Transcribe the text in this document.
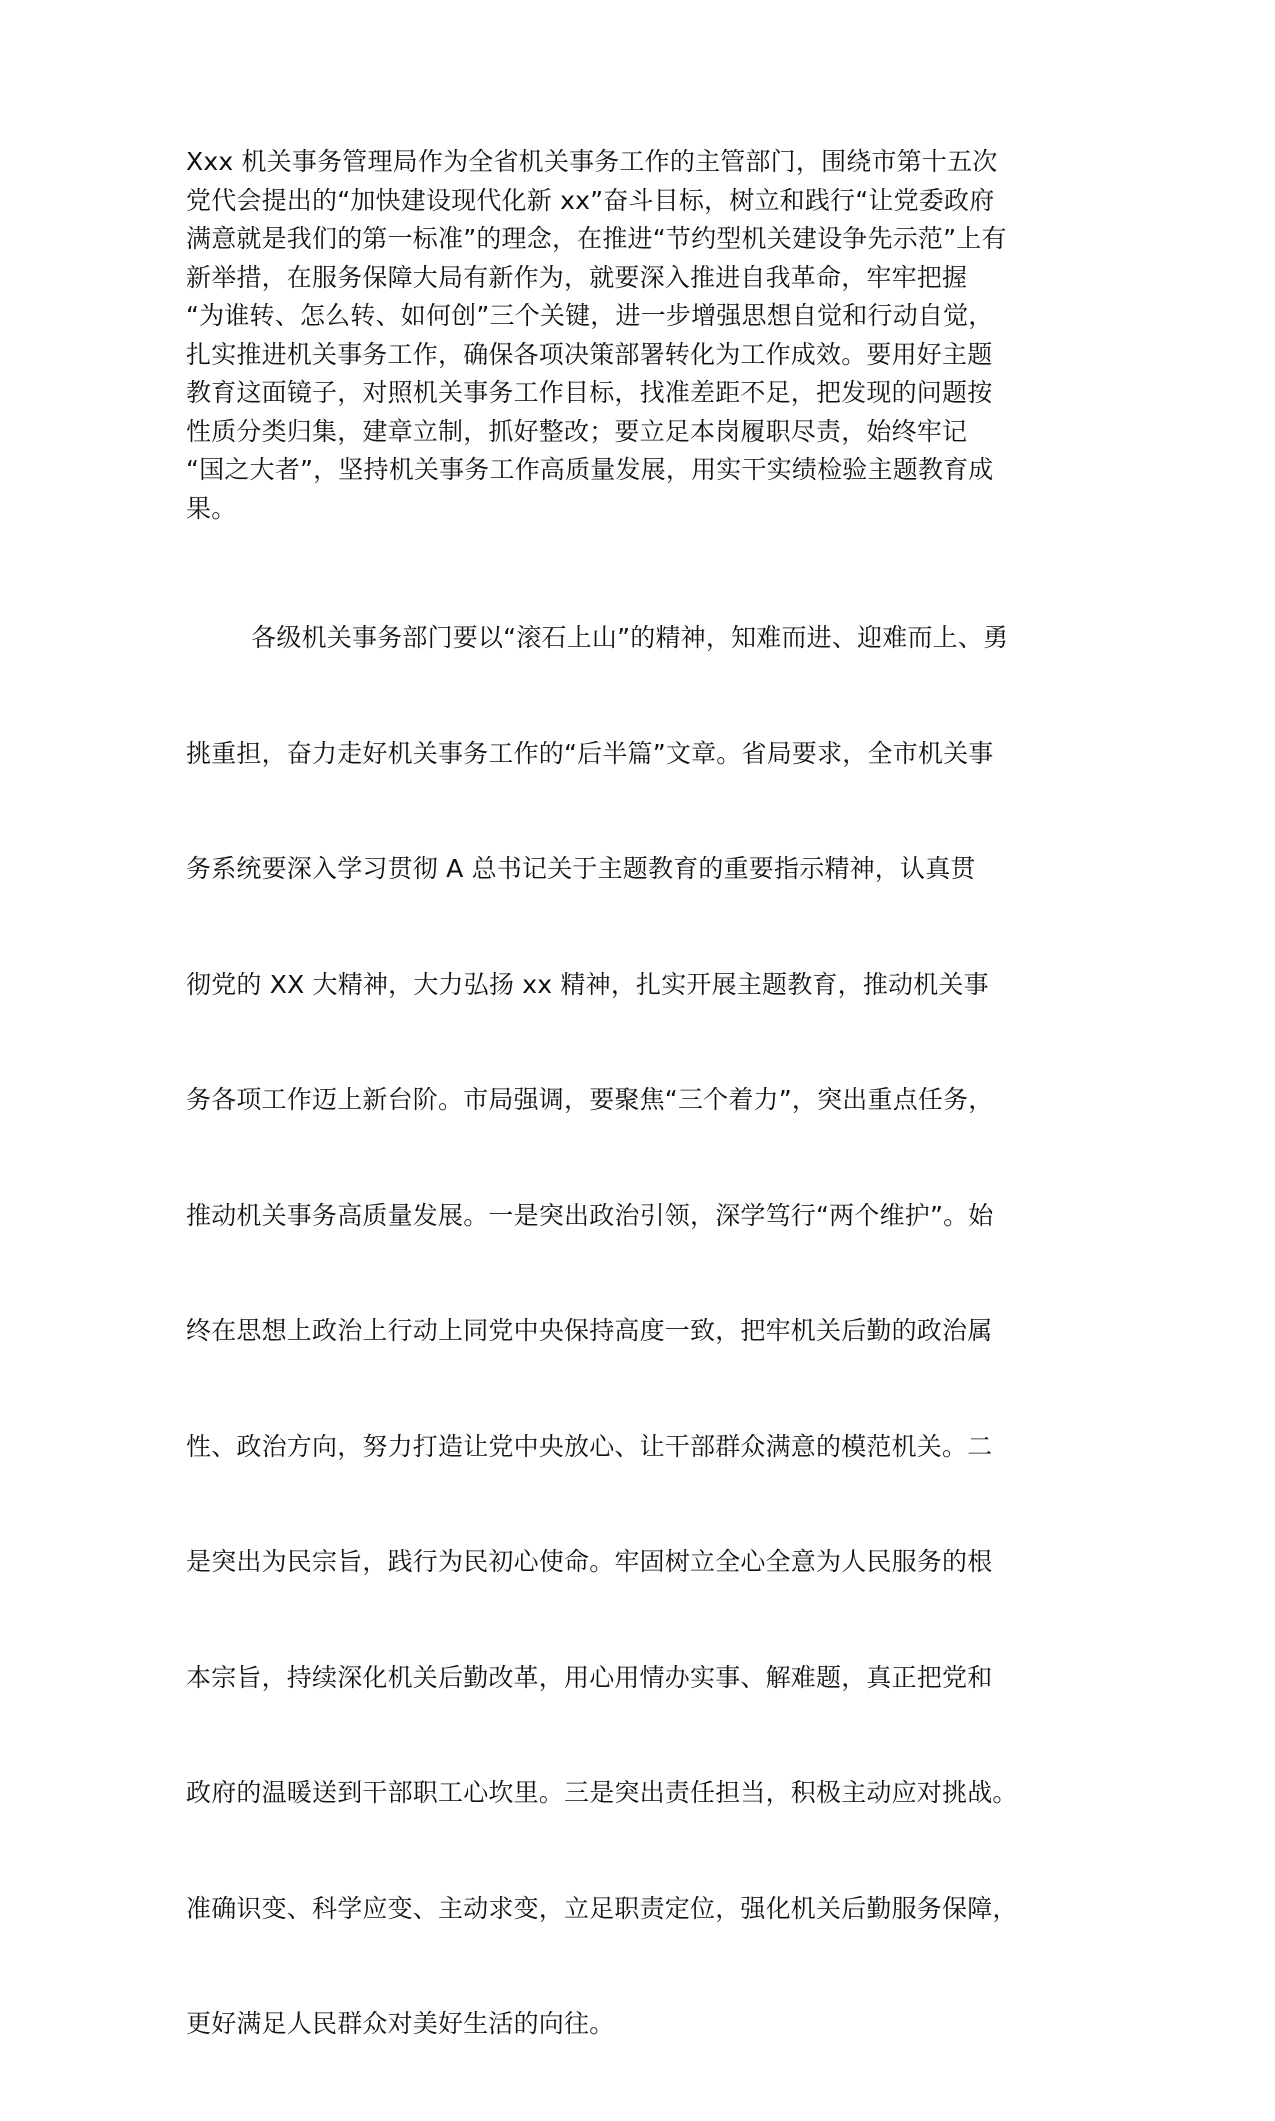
Xxx 机关事务管理局作为全省机关事务工作的主管部门，围绕市第十五次
党代会提出的“加快建设现代化新 xx”奋斗目标，树立和践行“让党委政府
满意就是我们的第一标准”的理念，在推进“节约型机关建设争先示范”上有
新举措，在服务保障大局有新作为，就要深入推进自我革命，牢牢把握
“为谁转、怎么转、如何创”三个关键，进一步增强思想自觉和行动自觉，
扎实推进机关事务工作，确保各项决策部署转化为工作成效。要用好主题
教育这面镜子，对照机关事务工作目标，找准差距不足，把发现的问题按
性质分类归集，建章立制，抓好整改；要立足本岗履职尽责，始终牢记
“国之大者”，坚持机关事务工作高质量发展，用实干实绩检验主题教育成
果。

各级机关事务部门要以“滚石上山”的精神，知难而进、迎难而上、勇

挑重担，奋力走好机关事务工作的“后半篇”文章。省局要求，全市机关事

务系统要深入学习贯彻 A 总书记关于主题教育的重要指示精神，认真贯

彻党的 XX 大精神，大力弘扬 xx 精神，扎实开展主题教育，推动机关事

务各项工作迈上新台阶。市局强调，要聚焦“三个着力”，突出重点任务，

推动机关事务高质量发展。一是突出政治引领，深学笃行“两个维护”。始

终在思想上政治上行动上同党中央保持高度一致，把牢机关后勤的政治属

性、政治方向，努力打造让党中央放心、让干部群众满意的模范机关。二

是突出为民宗旨，践行为民初心使命。牢固树立全心全意为人民服务的根

本宗旨，持续深化机关后勤改革，用心用情办实事、解难题，真正把党和

政府的温暖送到干部职工心坎里。三是突出责任担当，积极主动应对挑战。

准确识变、科学应变、主动求变，立足职责定位，强化机关后勤服务保障，

更好满足人民群众对美好生活的向往。
